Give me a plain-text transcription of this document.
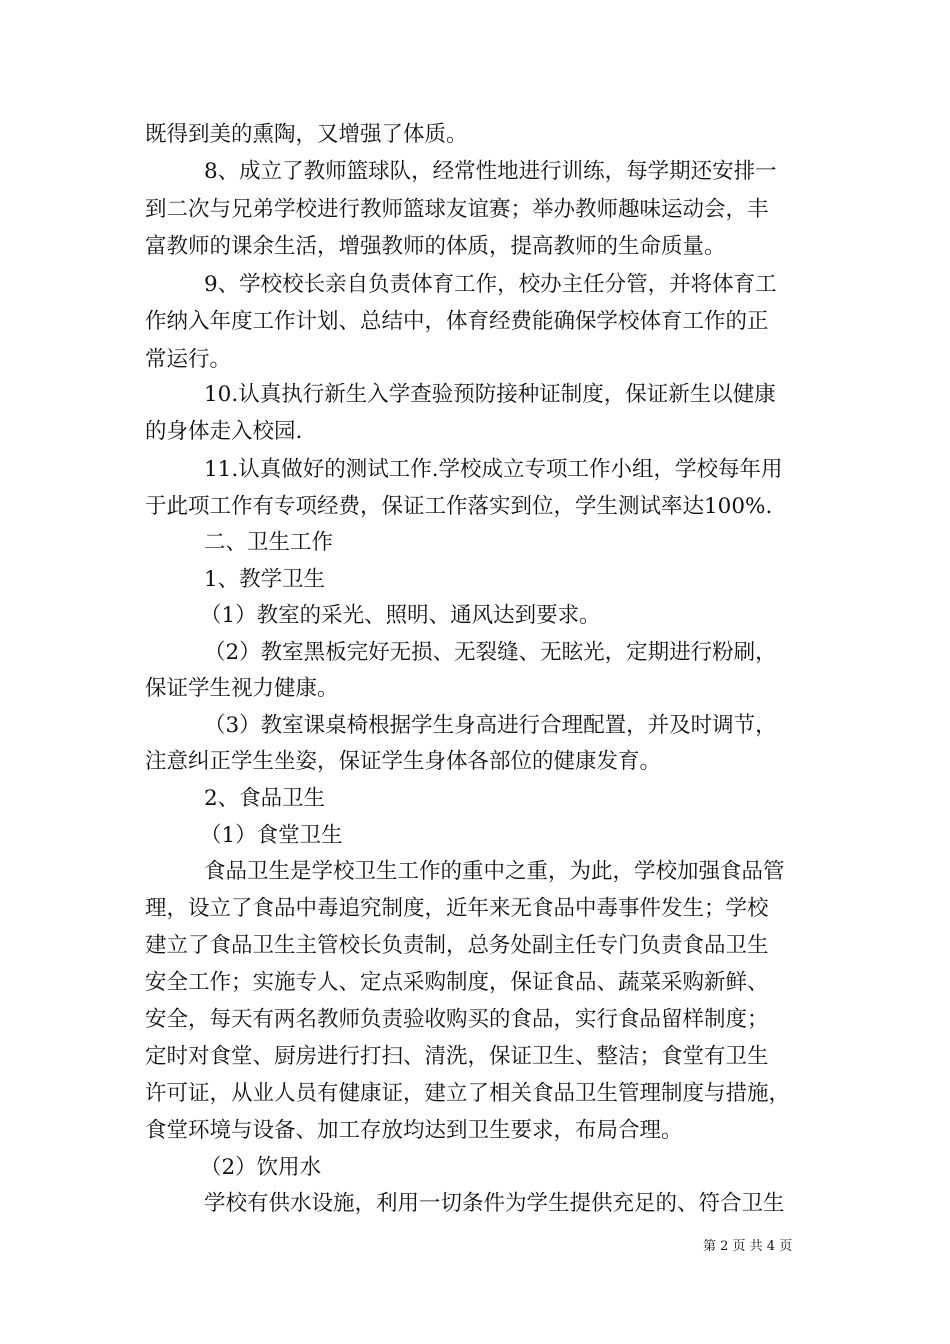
既得到美的熏陶，又增强了体质。
8、成立了教师篮球队，经常性地进行训练，每学期还安排一
到二次与兄弟学校进行教师篮球友谊赛；举办教师趣味运动会，丰
富教师的课余生活，增强教师的体质，提高教师的生命质量。
9、学校校长亲自负责体育工作，校办主任分管，并将体育工
作纳入年度工作计划、总结中，体育经费能确保学校体育工作的正
常运行。
10.认真执行新生入学查验预防接种证制度，保证新生以健康
的身体走入校园.
11.认真做好的测试工作.学校成立专项工作小组，学校每年用
于此项工作有专项经费，保证工作落实到位，学生测试率达100%.
二、卫生工作
1、教学卫生
（1）教室的采光、照明、通风达到要求。
（2）教室黑板完好无损、无裂缝、无眩光，定期进行粉刷，
保证学生视力健康。
（3）教室课桌椅根据学生身高进行合理配置，并及时调节，
注意纠正学生坐姿，保证学生身体各部位的健康发育。
2、食品卫生
（1）食堂卫生
食品卫生是学校卫生工作的重中之重，为此，学校加强食品管
理，设立了食品中毒追究制度，近年来无食品中毒事件发生；学校
建立了食品卫生主管校长负责制，总务处副主任专门负责食品卫生
安全工作；实施专人、定点采购制度，保证食品、蔬菜采购新鲜、
安全，每天有两名教师负责验收购买的食品，实行食品留样制度；
定时对食堂、厨房进行打扫、清洗，保证卫生、整洁；食堂有卫生
许可证，从业人员有健康证，建立了相关食品卫生管理制度与措施，
食堂环境与设备、加工存放均达到卫生要求，布局合理。
（2）饮用水
学校有供水设施，利用一切条件为学生提供充足的、符合卫生
第 2 页 共 4 页
